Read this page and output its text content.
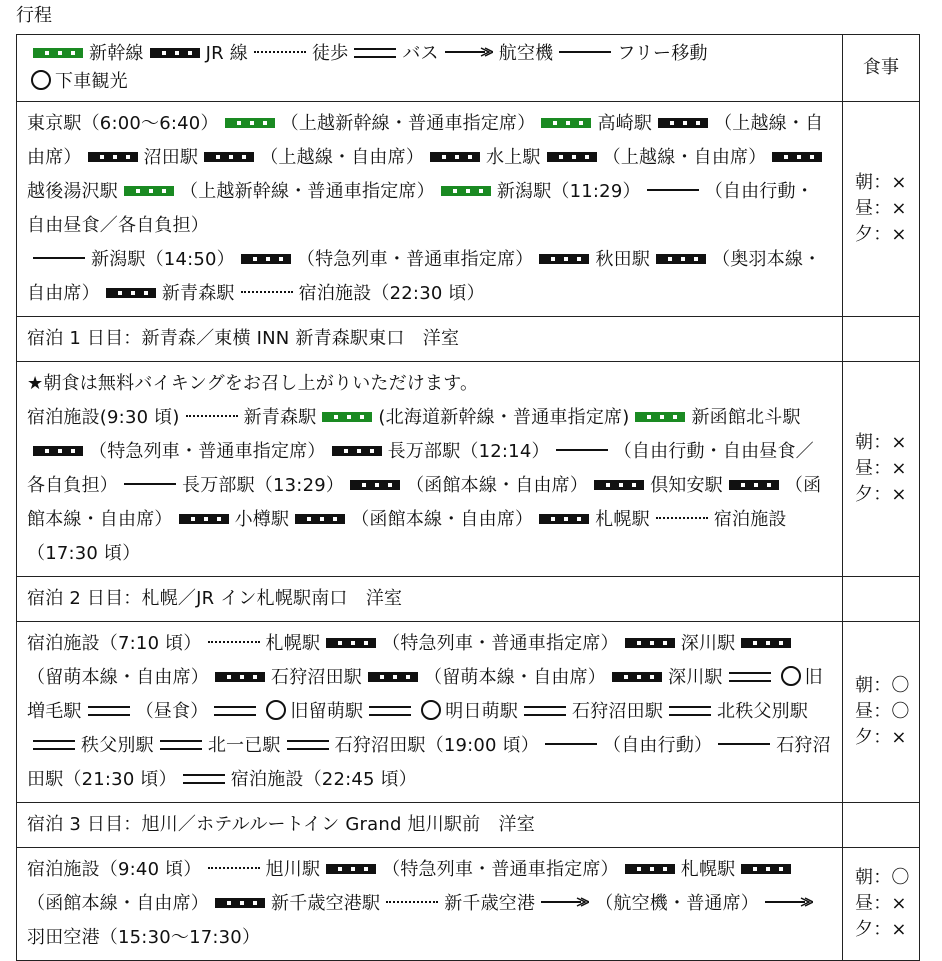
行程
新幹線 JR 線 徒歩 バス 航空機 フリー移動
下車観光	食事
東京駅（6:00～6:40） （上越新幹線・普通車指定席） 高崎駅 （上越線・自由席） 沼田駅 （上越線・自由席） 水上駅 （上越線・自由席）越後湯沢駅 （上越新幹線・普通車指定席） 新潟駅（11:29） （自由行動・自由昼食／各自負担）
新潟駅（14:50） （特急列車・普通車指定席） 秋田駅 （奥羽本線・自由席） 新青森駅 宿泊施設（22:30 頃）	朝：×
昼：×
夕：×

宿泊 1 日目：新青森／東横 INN 新青森駅東口　洋室	
★朝食は無料バイキングをお召し上がりいただけます。
宿泊施設(9:30 頃) 新青森駅 (北海道新幹線・普通車指定席) 新函館北斗駅（特急列車・普通車指定席） 長万部駅（12:14） （自由行動・自由昼食／各自負担） 長万部駅（13:29） （函館本線・自由席） 倶知安駅 （函館本線・自由席） 小樽駅 （函館本線・自由席） 札幌駅 宿泊施設（17:30 頃）	朝：×
昼：×
夕：×

宿泊 2 日目：札幌／JR イン札幌駅南口　洋室	
宿泊施設（7:10 頃） 札幌駅 （特急列車・普通車指定席） 深川駅（留萌本線・自由席） 石狩沼田駅 （留萌本線・自由席） 深川駅 旧増毛駅 （昼食） 旧留萌駅 明日萌駅 石狩沼田駅 北秩父別駅秩父別駅 北一已駅 石狩沼田駅（19:00 頃） （自由行動） 石狩沼田駅（21:30 頃） 宿泊施設（22:45 頃）	朝：〇
昼：〇
夕：×

宿泊 3 日目：旭川／ホテルルートイン Grand 旭川駅前　洋室	
宿泊施設（9:40 頃） 旭川駅 （特急列車・普通車指定席） 札幌駅（函館本線・自由席） 新千歳空港駅 新千歳空港 （航空機・普通席）羽田空港（15:30～17:30）	朝：〇
昼：×
夕：×
